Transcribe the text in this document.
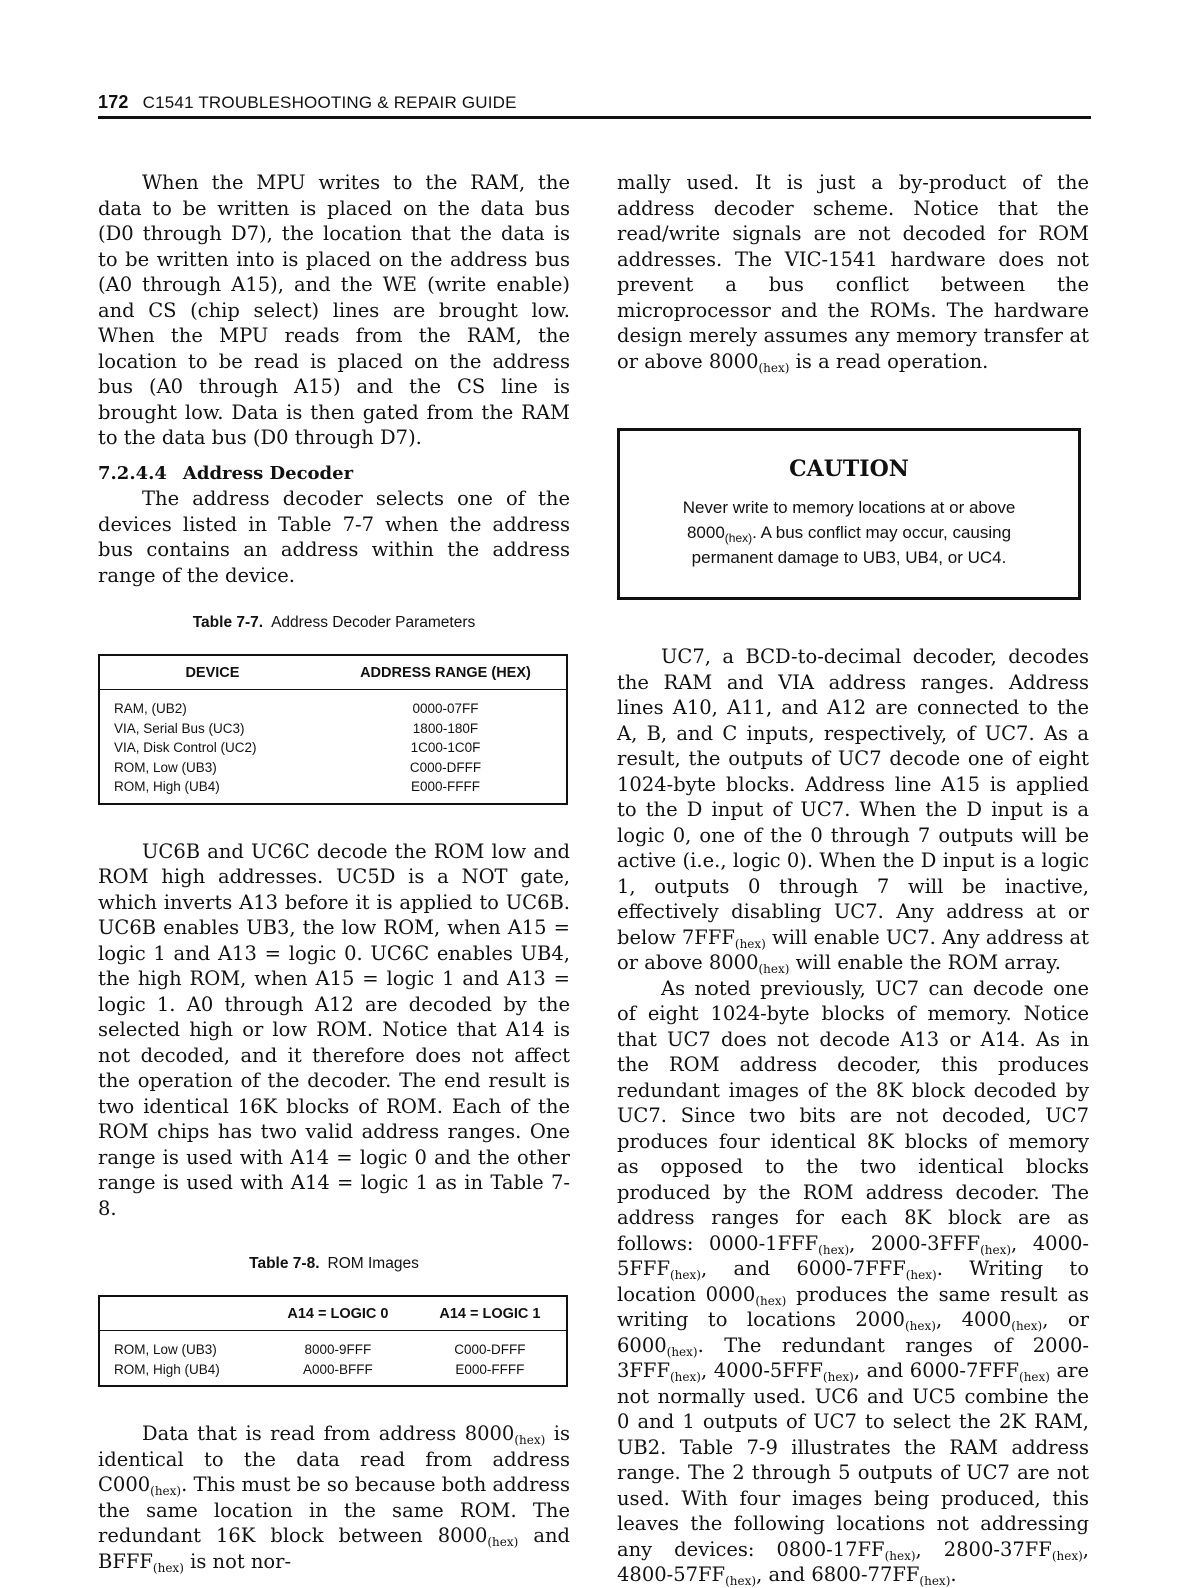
172 C1541 TROUBLESHOOTING & REPAIR GUIDE

When the MPU writes to the RAM, the data to be written is placed on the data bus (D0 through D7), the location that the data is to be written into is placed on the address bus (A0 through A15), and the WE (write enable) and CS (chip select) lines are brought low. When the MPU reads from the RAM, the location to be read is placed on the address bus (A0 through A15) and the CS line is brought low. Data is then gated from the RAM to the data bus (D0 through D7).

7.2.4.4 Address Decoder

The address decoder selects one of the devices listed in Table 7-7 when the address bus contains an address within the address range of the device.

Table 7-7. Address Decoder Parameters
DEVICE	ADDRESS RANGE (HEX)
RAM, (UB2)	0000-07FF
VIA, Serial Bus (UC3)	1800-180F
VIA, Disk Control (UC2)	1C00-1C0F
ROM, Low (UB3)	C000-DFFF
ROM, High (UB4)	E000-FFFF

UC6B and UC6C decode the ROM low and ROM high addresses. UC5D is a NOT gate, which inverts A13 before it is applied to UC6B. UC6B enables UB3, the low ROM, when A15 = logic 1 and A13 = logic 0. UC6C enables UB4, the high ROM, when A15 = logic 1 and A13 = logic 1. A0 through A12 are decoded by the selected high or low ROM. Notice that A14 is not decoded, and it therefore does not affect the operation of the decoder. The end result is two identical 16K blocks of ROM. Each of the ROM chips has two valid address ranges. One range is used with A14 = logic 0 and the other range is used with A14 = logic 1 as in Table 7-8.

Table 7-8. ROM Images
	A14 = LOGIC 0	A14 = LOGIC 1
ROM, Low (UB3)	8000-9FFF	C000-DFFF
ROM, High (UB4)	A000-BFFF	E000-FFFF

Data that is read from address $8000_{(hex)}$ is identical to the data read from address $C000_{(hex)}$. This must be so because both address the same location in the same ROM. The redundant 16K block between $8000_{(hex)}$ and $BFFF_{(hex)}$ is not nor-

mally used. It is just a by-product of the address decoder scheme. Notice that the read/write signals are not decoded for ROM addresses. The VIC-1541 hardware does not prevent a bus conflict between the microprocessor and the ROMs. The hardware design merely assumes any memory transfer at or above $8000_{(hex)}$ is a read operation.

CAUTION

Never write to memory locations at or above $8000_{(hex)}$. A bus conflict may occur, causing permanent damage to UB3, UB4, or UC4.

UC7, a BCD-to-decimal decoder, decodes the RAM and VIA address ranges. Address lines A10, A11, and A12 are connected to the A, B, and C inputs, respectively, of UC7. As a result, the outputs of UC7 decode one of eight 1024-byte blocks. Address line A15 is applied to the D input of UC7. When the D input is a logic 0, one of the 0 through 7 outputs will be active (i.e., logic 0). When the D input is a logic 1, outputs 0 through 7 will be inactive, effectively disabling UC7. Any address at or below $7FFF_{(hex)}$ will enable UC7. Any address at or above $8000_{(hex)}$ will enable the ROM array.

As noted previously, UC7 can decode one of eight 1024-byte blocks of memory. Notice that UC7 does not decode A13 or A14. As in the ROM address decoder, this produces redundant images of the 8K block decoded by UC7. Since two bits are not decoded, UC7 produces four identical 8K blocks of memory as opposed to the two identical blocks produced by the ROM address decoder. The address ranges for each 8K block are as follows: $0000-1FFF_{(hex)}$, $2000-3FFF_{(hex)}$, $4000-5FFF_{(hex)}$, and $6000-7FFF_{(hex)}$. Writing to location $0000_{(hex)}$ produces the same result as writing to locations $2000_{(hex)}$, $4000_{(hex)}$, or $6000_{(hex)}$. The redundant ranges of $2000-3FFF_{(hex)}$, $4000-5FFF_{(hex)}$, and $6000-7FFF_{(hex)}$ are not normally used. UC6 and UC5 combine the 0 and 1 outputs of UC7 to select the 2K RAM, UB2. Table 7-9 illustrates the RAM address range. The 2 through 5 outputs of UC7 are not used. With four images being produced, this leaves the following locations not addressing any devices: $0800-17FF_{(hex)}$, $2800-37FF_{(hex)}$, $4800-57FF_{(hex)}$, and $6800-77FF_{(hex)}$.
